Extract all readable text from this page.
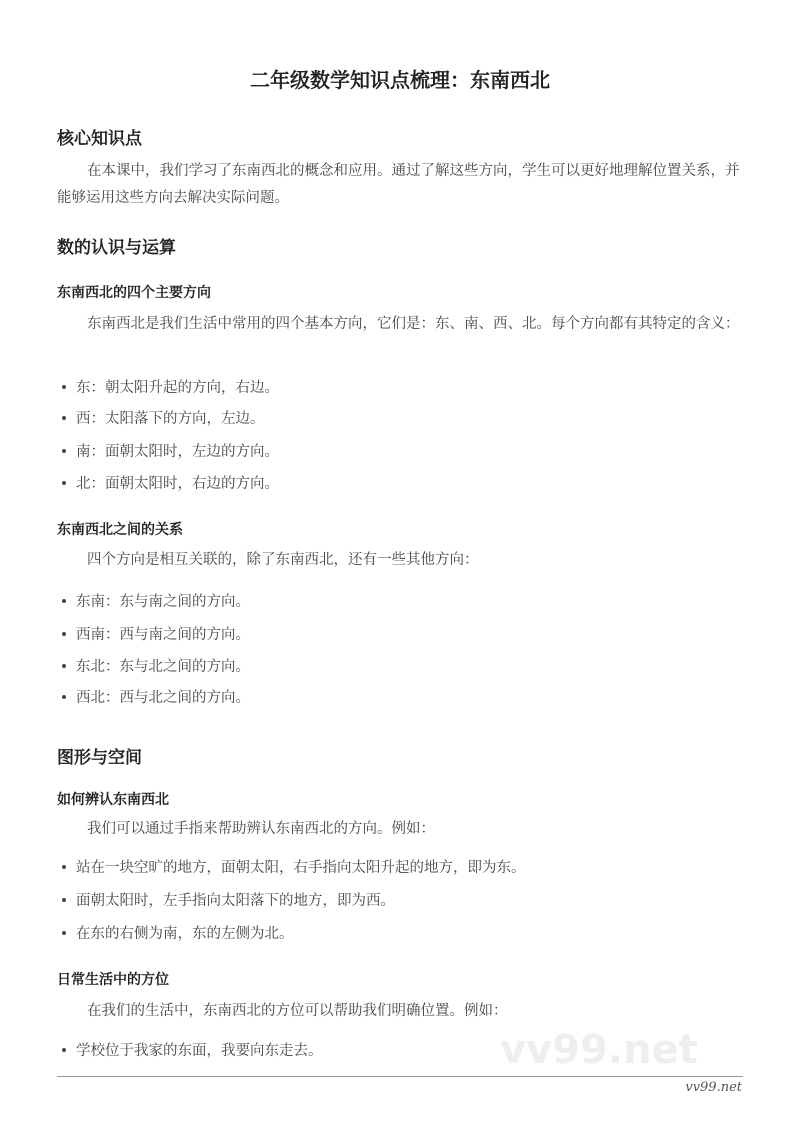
vv99.net
二年级数学知识点梳理：东南西北
核心知识点
在本课中，我们学习了东南西北的概念和应用。通过了解这些方向，学生可以更好地理解位置关系，并能够运用这些方向去解决实际问题。
数的认识与运算
东南西北的四个主要方向
东南西北是我们生活中常用的四个基本方向，它们是：东、南、西、北。每个方向都有其特定的含义：
东：朝太阳升起的方向，右边。
西：太阳落下的方向，左边。
南：面朝太阳时，左边的方向。
北：面朝太阳时，右边的方向。
东南西北之间的关系
四个方向是相互关联的，除了东南西北，还有一些其他方向：
东南：东与南之间的方向。
西南：西与南之间的方向。
东北：东与北之间的方向。
西北：西与北之间的方向。
图形与空间
如何辨认东南西北
我们可以通过手指来帮助辨认东南西北的方向。例如：
站在一块空旷的地方，面朝太阳，右手指向太阳升起的地方，即为东。
面朝太阳时，左手指向太阳落下的地方，即为西。
在东的右侧为南，东的左侧为北。
日常生活中的方位
在我们的生活中，东南西北的方位可以帮助我们明确位置。例如：
学校位于我家的东面，我要向东走去。
vv99.net
